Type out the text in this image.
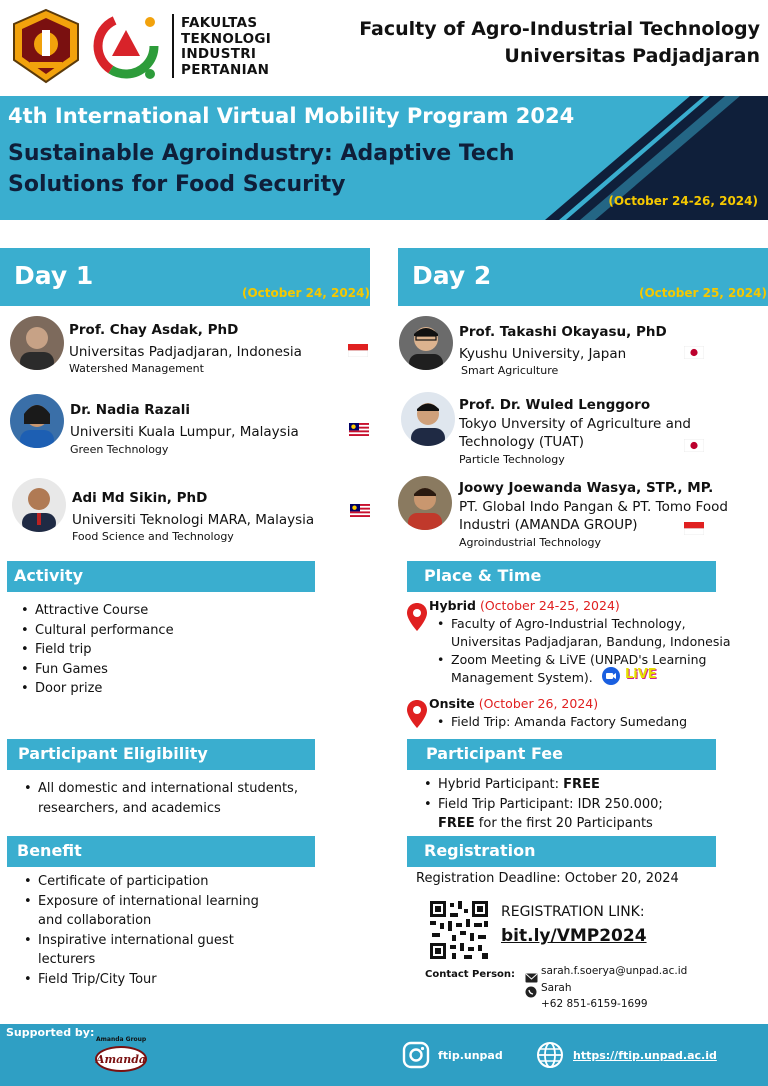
FAKULTAS
TEKNOLOGI
INDUSTRI
PERTANIAN
Faculty of Agro-Industrial Technology
Universitas Padjadjaran
4th International Virtual Mobility Program 2024
Sustainable Agroindustry: Adaptive Tech Solutions for Food Security
(October 24-26, 2024)
Day 1
(October 24, 2024)
Prof. Chay Asdak, PhD
Universitas Padjadjaran, Indonesia
Watershed Management
Dr. Nadia Razali
Universiti Kuala Lumpur, Malaysia
Green Technology
Adi Md Sikin, PhD
Universiti Teknologi MARA, Malaysia
Food Science and Technology
Day 2
(October 25, 2024)
Prof. Takashi Okayasu, PhD
Kyushu University, Japan
Smart Agriculture
Prof. Dr. Wuled Lenggoro
Tokyo Unversity of Agriculture and
Technology (TUAT)
Particle Technology
Joowy Joewanda Wasya, STP., MP.
PT. Global Indo Pangan & PT. Tomo Food
Industri (AMANDA GROUP)
Agroindustrial Technology
Activity
• Attractive Course
• Cultural performance
• Field trip
• Fun Games
• Door prize
Place & Time
Hybrid (October 24-25, 2024)
• Faculty of Agro-Industrial Technology,
Universitas Padjadjaran, Bandung, Indonesia
• Zoom Meeting & LiVE (UNPAD's Learning
Management System).	LiVE
Onsite (October 26, 2024)
• Field Trip: Amanda Factory Sumedang
Participant Eligibility
• All domestic and international students,
researchers, and academics
Participant Fee
• Hybrid Participant: FREE
• Field Trip Participant: IDR 250.000;
FREE for the first 20 Participants
Benefit
• Certificate of participation
• Exposure of international learning
and collaboration
• Inspirative international guest
lecturers
• Field Trip/City Tour
Registration
Registration Deadline: October 20, 2024
REGISTRATION LINK:
bit.ly/VMP2024
Contact Person: sarah.f.soerya@unpad.ac.id
Sarah
+62 851-6159-1699
Supported by:
Amanda Group
Amanda	ftip.unpad	https://ftip.unpad.ac.id
